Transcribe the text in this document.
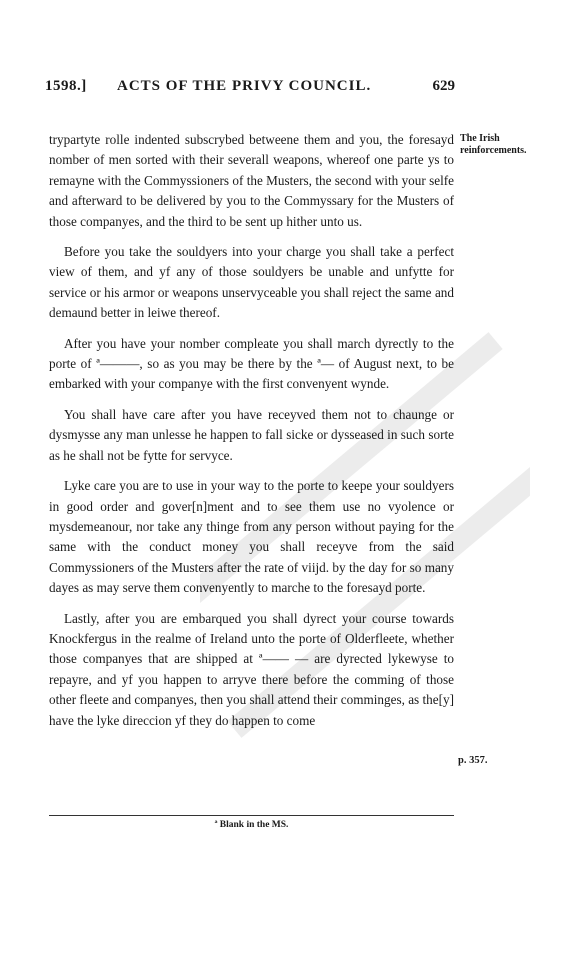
1598.] ACTS OF THE PRIVY COUNCIL.	629
The Irish reinforcements.

trypartyte rolle indented subscrybed betweene them and you, the foresayd nomber of men sorted with their severall weapons, whereof one parte ys to remayne with the Commyssioners of the Musters, the second with your selfe and afterward to be delivered by you to the Commyssary for the Musters of those companyes, and the third to be sent up hither unto us.

Before you take the souldyers into your charge you shall take a perfect view of them, and yf any of those souldyers be unable and unfytte for service or his armor or weapons unservyceable you shall reject the same and demaund better in leiwe thereof.

After you have your nomber compleate you shall march dyrectly to the porte of ª———, so as you may be there by the ª— of August next, to be embarked with your companye with the first convenyent wynde.

You shall have care after you have receyved them not to chaunge or dysmysse any man unlesse he happen to fall sicke or dysseased in such sorte as he shall not be fytte for servyce.

Lyke care you are to use in your way to the porte to keepe your souldyers in good order and gover[n]ment and to see them use no vyolence or mysdemeanour, nor take any thinge from any person without paying for the same with the conduct money you shall receyve from the said Commyssioners of the Musters after the rate of viijd. by the day for so many dayes as may serve them convenyently to marche to the foresayd porte.

Lastly, after you are embarqued you shall dyrect your course towards Knockfergus in the realme of Ireland unto the porte of Olderfleete, whether those companyes that are shipped at ª—— — are dyrected lykewyse to repayre, and yf you happen to arryve there before the comming of those other fleete and companyes, then you shall attend their comminges, as the[y] have the lyke direccion yf they do happen to come

p. 357.
ª Blank in the MS.
